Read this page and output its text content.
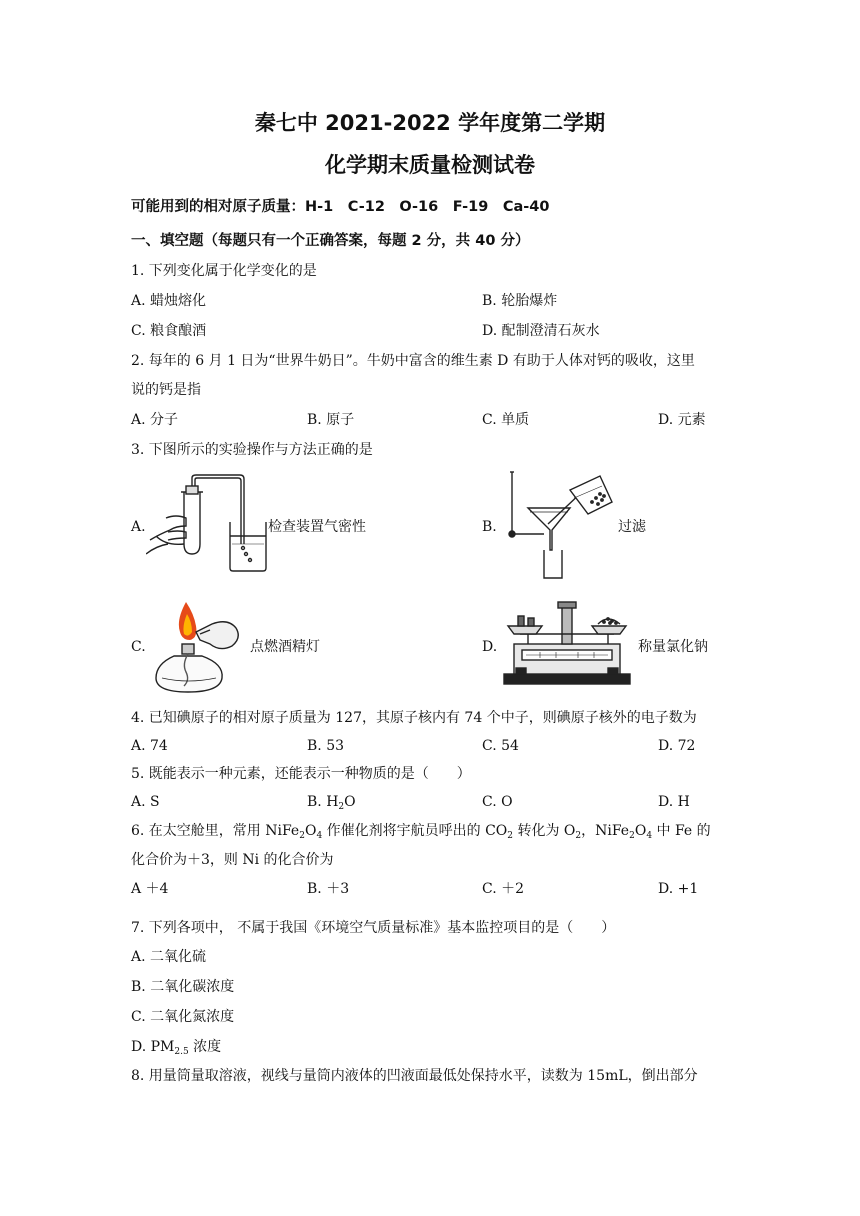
秦七中 2021-2022 学年度第二学期
化学期末质量检测试卷
可能用到的相对原子质量：H-1　C-12　O-16　F-19　Ca-40
一、填空题（每题只有一个正确答案，每题 2 分，共 40 分）
1. 下列变化属于化学变化的是
A. 蜡烛熔化	B. 轮胎爆炸
C. 粮食酿酒	D. 配制澄清石灰水
2. 每年的 6 月 1 日为“世界牛奶日”。牛奶中富含的维生素 D 有助于人体对钙的吸收，这里
说的钙是指
A. 分子	B. 原子	C. 单质	D. 元素
3. 下图所示的实验操作与方法正确的是
A.	检查装置气密性	B.	过滤
C.	点燃酒精灯	D.	称量氯化钠
4. 已知碘原子的相对原子质量为 127，其原子核内有 74 个中子，则碘原子核外的电子数为
A. 74	B. 53	C. 54	D. 72
5. 既能表示一种元素，还能表示一种物质的是（　　）
A. S	B. $H_2O$	C. O	D. H
6. 在太空舱里，常用 $NiFe_2O_4$ 作催化剂将宇航员呼出的 $CO_2$ 转化为 $O_2$，$NiFe_2O_4$ 中 Fe 的
化合价为＋3，则 Ni 的化合价为
A ＋4	B. ＋3	C. ＋2	D. +1
7. 下列各项中， 不属于我国《环境空气质量标准》基本监控项目的是（　　）
A. 二氧化硫
B. 二氧化碳浓度
C. 二氧化氮浓度
D. $PM_{2.5}$ 浓度
8. 用量筒量取溶液，视线与量筒内液体的凹液面最低处保持水平，读数为 15mL，倒出部分
